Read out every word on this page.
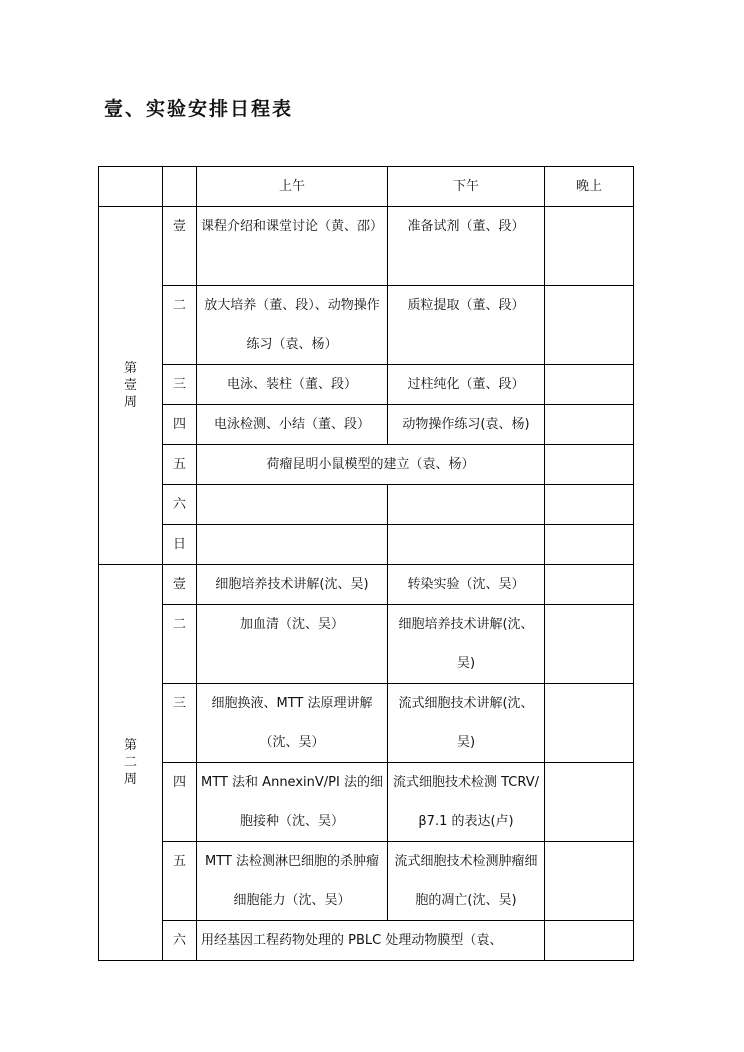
壹、实验安排日程表
		上午	下午	晚上
第壹周	壹	课程介绍和课堂讨论（黄、邵）	准备试剂（董、段）	
	二	放大培养（董、段）、动物操作练习（袁、杨）	质粒提取（董、段）	
	三	电泳、装柱（董、段）	过柱纯化（董、段）	
	四	电泳检测、小结（董、段）	动物操作练习(袁、杨)	
	五	荷瘤昆明小鼠模型的建立（袁、杨）		
	六			
	日			
第二周	壹	细胞培养技术讲解(沈、吴)	转染实验（沈、吴）	
	二	加血清（沈、吴）	细胞培养技术讲解(沈、吴)	
	三	细胞换液、MTT 法原理讲解（沈、吴）	流式细胞技术讲解(沈、吴)	
	四	MTT 法和 AnnexinV/PI 法的细胞接种（沈、吴）	流式细胞技术检测 TCRV/β7.1 的表达(卢)	
	五	MTT 法检测淋巴细胞的杀肿瘤细胞能力（沈、吴）	流式细胞技术检测肿瘤细胞的凋亡(沈、吴)	
	六	用经基因工程药物处理的 PBLC 处理动物膜型（袁、		
